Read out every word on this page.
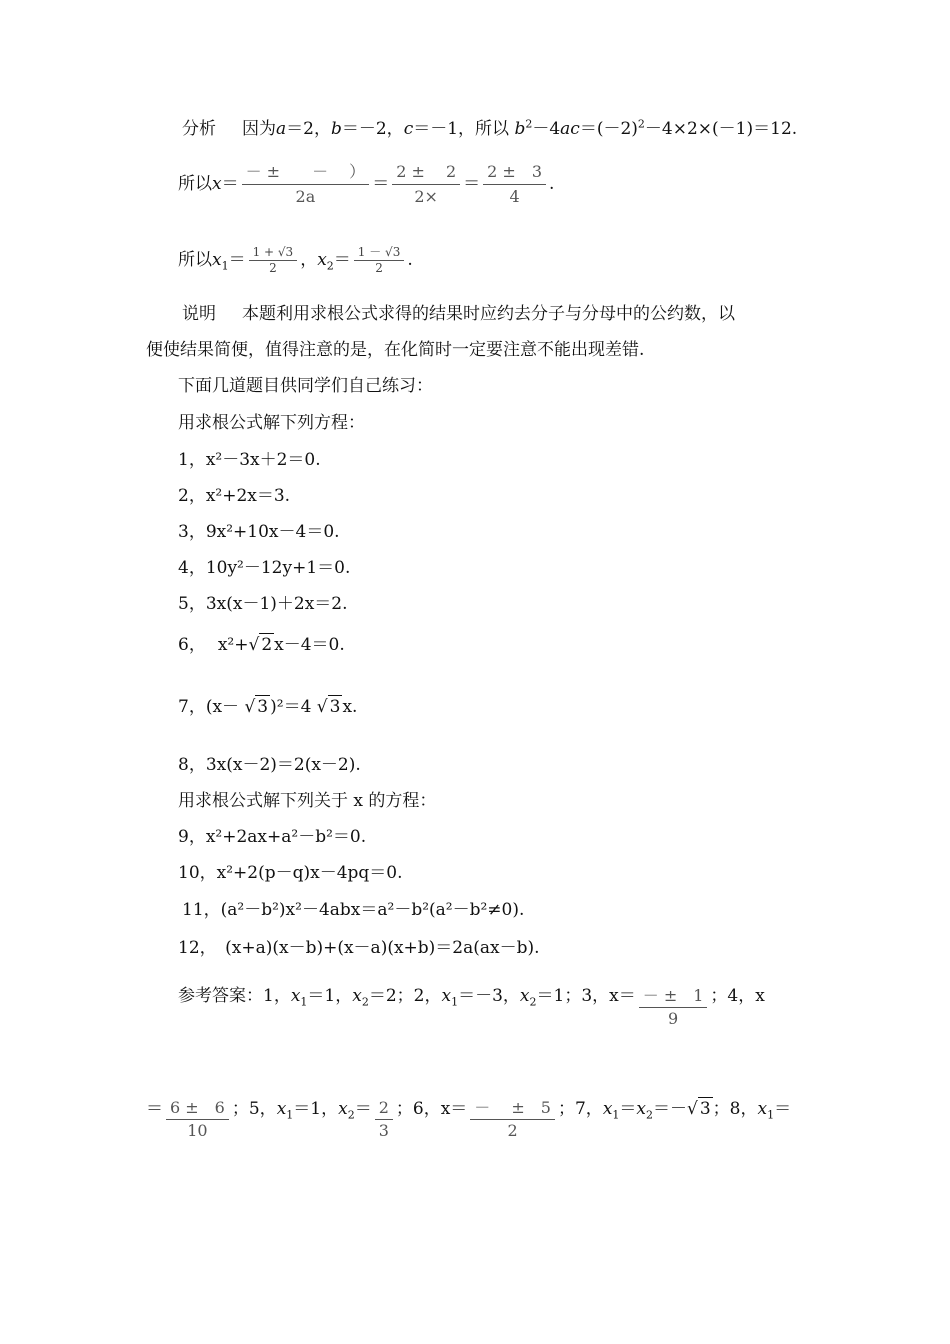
分析 因为a＝2，b＝－2，c＝－1，所以 $b^2-4ac=(-2)^2-4\times 2\times(-1)=12$.
所以$x= \frac{- \pm - )}{2a} = \frac{2 \pm 2}{2\times} = \frac{2 \pm 3}{4}$ .
所以$x_1= \frac{1 + √3}{2}$ ，$x_2= \frac{1 - √3}{2}$ .
说明 本题利用求根公式求得的结果时应约去分子与分母中的公约数，以
便使结果简便，值得注意的是，在化简时一定要注意不能出现差错.
下面几道题目供同学们自己练习：
用求根公式解下列方程：
1，x²－3x＋2＝0.
2，x²+2x＝3.
3，9x²+10x－4＝0.
4，10y²－12y+1＝0.
5，3x(x－1)＋2x＝2.
6， x²+√ 2 x－4＝0.
7，(x－ √ 3 )²＝4 √ 3 x.
8，3x(x－2)＝2(x－2).
用求根公式解下列关于 x 的方程：
9，x²+2ax+a²－b²＝0.
10，x²+2(p－q)x－4pq＝0.
11，(a²－b²)x²－4abx＝a²－b²(a²－b²≠0).
12，　(x+a)(x－b)+(x－a)(x+b)＝2a(ax－b).
参考答案：1，$x_1=1$，$x_2=2$；2，$x_1=-3$，$x_2=1$；3，$x= \frac{- \pm 1}{9}$ ；4，x
＝ $\frac{6 \pm 6}{10}$ ；5，$x_1=1$，$x_2= \frac{2}{3}$ ；6，$x= \frac{- \pm 5}{2}$ ；7，$x_1=x_2=-√$ 3 ；8，$x_1=$
